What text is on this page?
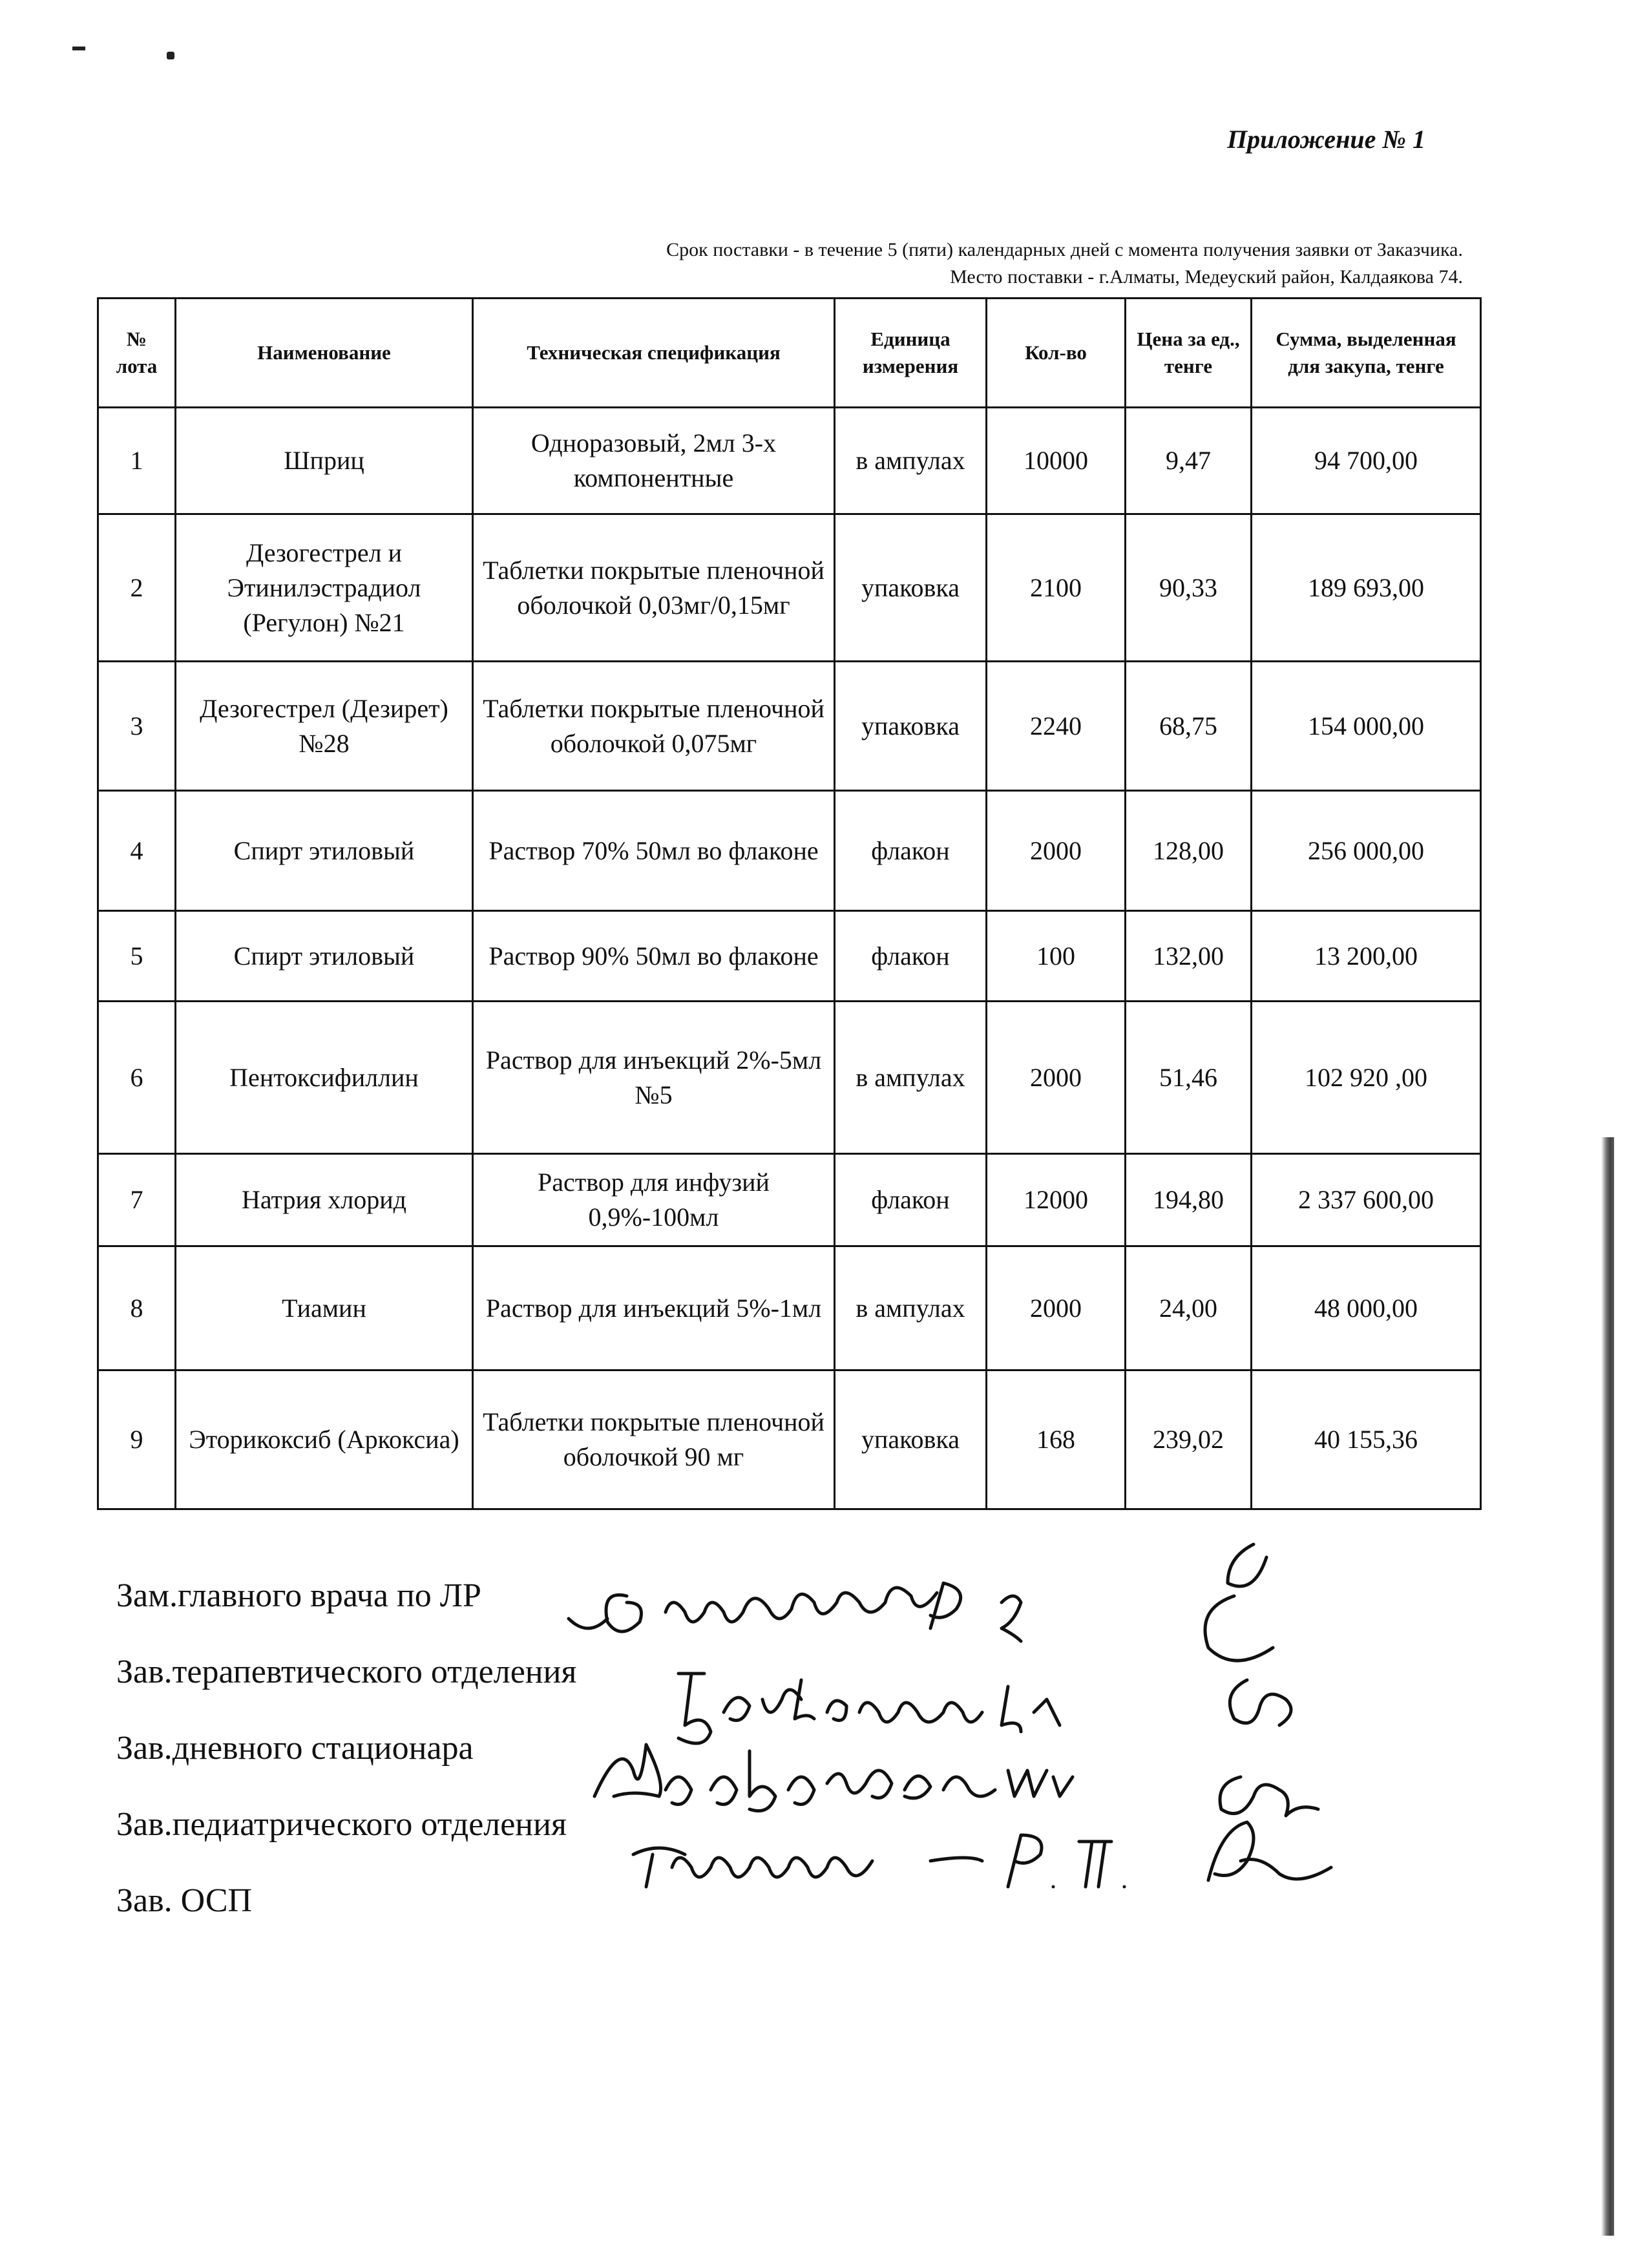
Приложение № 1
Срок поставки - в течение 5 (пяти) календарных дней с момента получения заявки от Заказчика.
Место поставки - г.Алматы, Медеуский район, Калдаякова 74.
№ лота	Наименование	Техническая спецификация	Единица измерения	Кол-во	Цена за ед., тенге	Сумма, выделенная для закупа, тенге
1	Шприц	Одноразовый, 2мл 3-х компонентные	в ампулах	10000	9,47	94 700,00
2	Дезогестрел и Этинилэстрадиол (Регулон) №21	Таблетки покрытые пленочной оболочкой 0,03мг/0,15мг	упаковка	2100	90,33	189 693,00
3	Дезогестрел (Дезирет) №28	Таблетки покрытые пленочной оболочкой 0,075мг	упаковка	2240	68,75	154 000,00
4	Спирт этиловый	Раствор 70% 50мл во флаконе	флакон	2000	128,00	256 000,00
5	Спирт этиловый	Раствор 90% 50мл во флаконе	флакон	100	132,00	13 200,00
6	Пентоксифиллин	Раствор для инъекций 2%-5мл №5	в ампулах	2000	51,46	102 920 ,00
7	Натрия хлорид	Раствор для инфузий 0,9%-100мл	флакон	12000	194,80	2 337 600,00
8	Тиамин	Раствор для инъекций 5%-1мл	в ампулах	2000	24,00	48 000,00
9	Эторикоксиб (Аркоксиа)	Таблетки покрытые пленочной оболочкой 90 мг	упаковка	168	239,02	40 155,36
Зам.главного врача по ЛР
Зав.терапевтического отделения
Зав.дневного стационара
Зав.педиатрического отделения
Зав. ОСП
